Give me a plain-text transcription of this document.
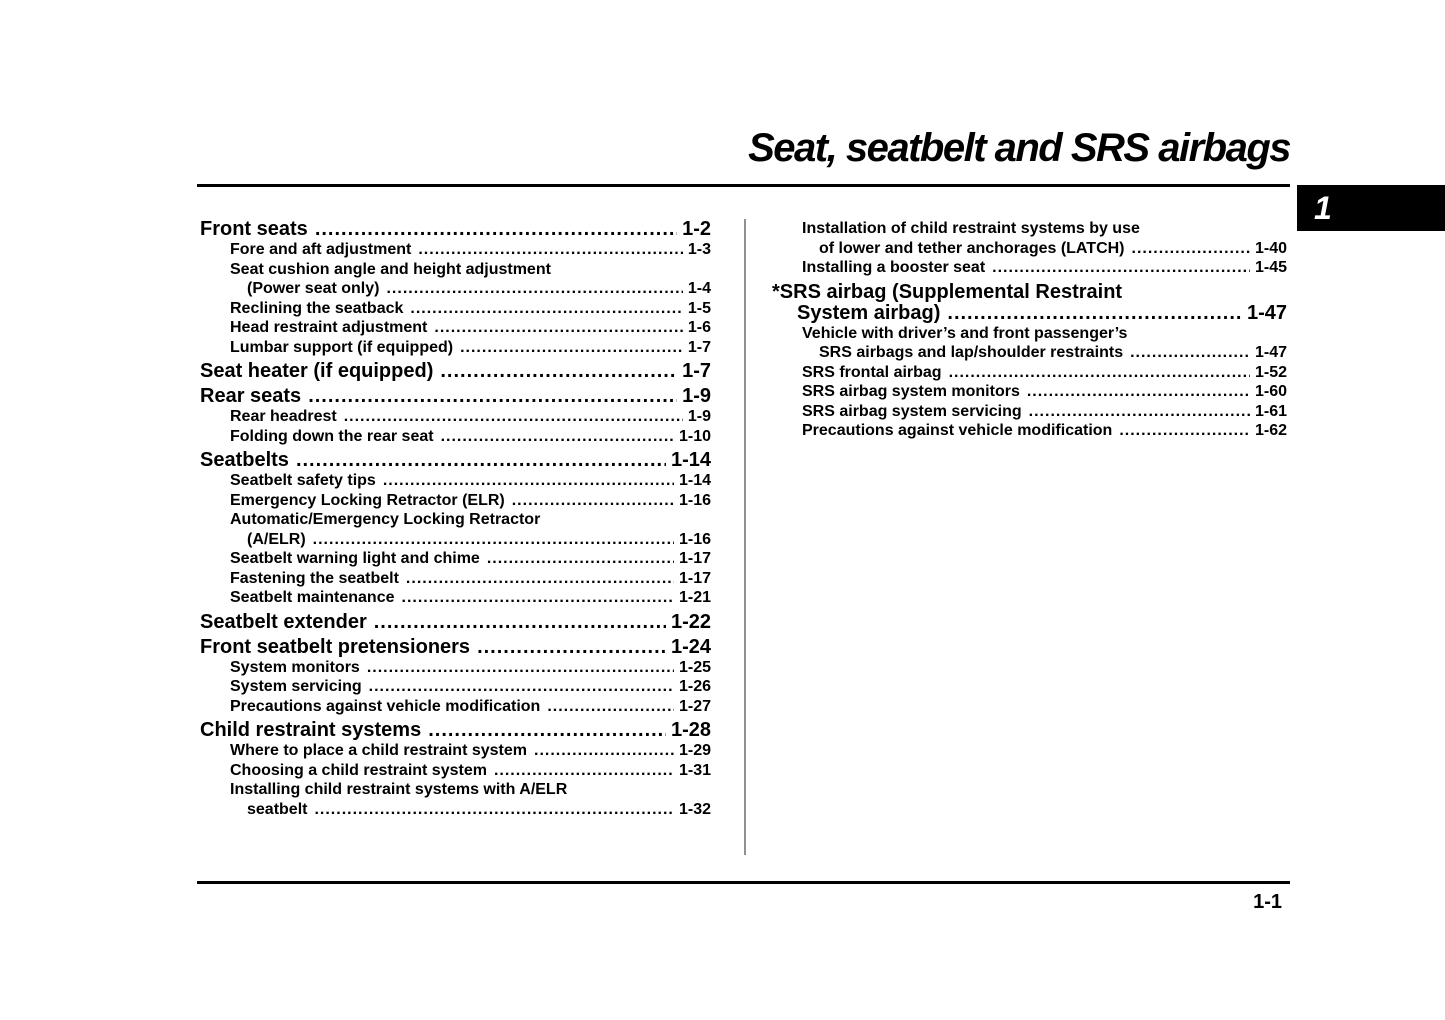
Seat, seatbelt and SRS airbags
1
Front seats .....	1-2
Fore and aft adjustment .....	1-3
Seat cushion angle and height adjustment
(Power seat only) .....	1-4
Reclining the seatback .....	1-5
Head restraint adjustment .....	1-6
Lumbar support (if equipped) .....	1-7
Seat heater (if equipped) .....	1-7
Rear seats .....	1-9
Rear headrest .....	1-9
Folding down the rear seat .....	1-10
Seatbelts .....	1-14
Seatbelt safety tips .....	1-14
Emergency Locking Retractor (ELR) .....	1-16
Automatic/Emergency Locking Retractor
(A/ELR) .....	1-16
Seatbelt warning light and chime .....	1-17
Fastening the seatbelt .....	1-17
Seatbelt maintenance .....	1-21
Seatbelt extender .....	1-22
Front seatbelt pretensioners .....	1-24
System monitors .....	1-25
System servicing .....	1-26
Precautions against vehicle modification .....	1-27
Child restraint systems .....	1-28
Where to place a child restraint system .....	1-29
Choosing a child restraint system .....	1-31
Installing child restraint systems with A/ELR
seatbelt .....	1-32
Installation of child restraint systems by use
of lower and tether anchorages (LATCH) .....	1-40
Installing a booster seat .....	1-45
*SRS airbag (Supplemental Restraint
System airbag) .....	1-47
Vehicle with driver’s and front passenger’s
SRS airbags and lap/shoulder restraints .....	1-47
SRS frontal airbag .....	1-52
SRS airbag system monitors .....	1-60
SRS airbag system servicing .....	1-61
Precautions against vehicle modification .....	1-62
1-1
